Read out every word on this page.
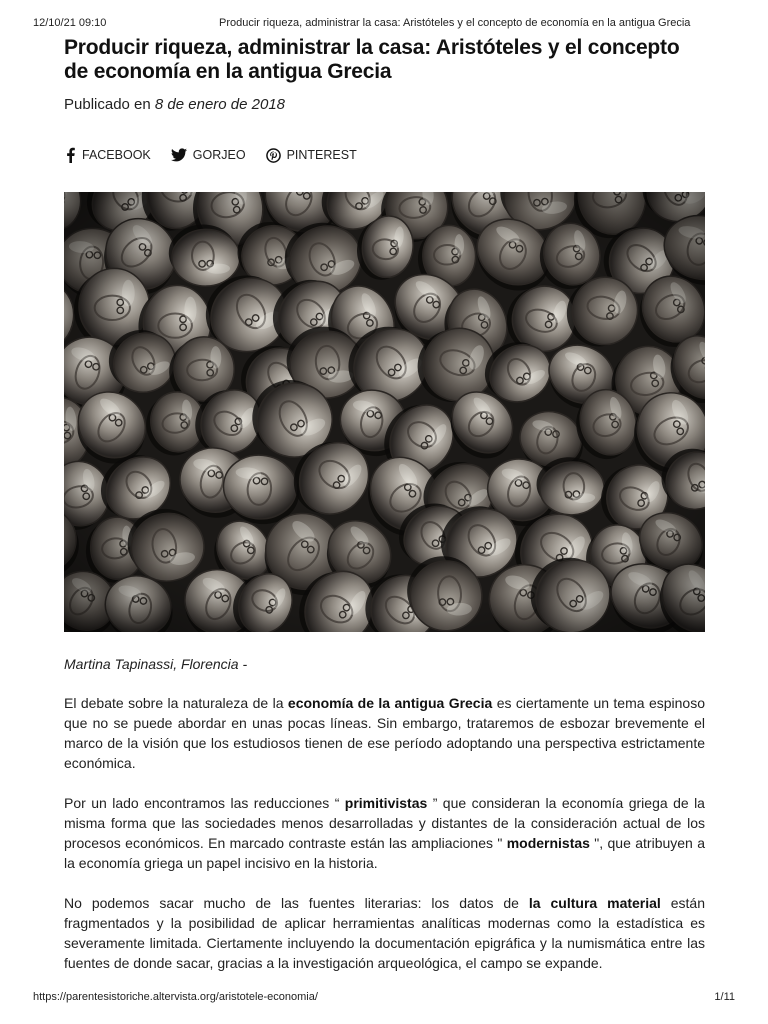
12/10/21 09:10	Producir riqueza, administrar la casa: Aristóteles y el concepto de economía en la antigua Grecia
Producir riqueza, administrar la casa: Aristóteles y el concepto de economía en la antigua Grecia
Publicado en 8 de enero de 2018
FACEBOOK	GORJEO	PINTEREST
Martina Tapinassi, Florencia -

El debate sobre la naturaleza de la economía de la antigua Grecia es ciertamente un tema espinoso que no se puede abordar en unas pocas líneas. Sin embargo, trataremos de esbozar brevemente el marco de la visión que los estudiosos tienen de ese período adoptando una perspectiva estrictamente económica.

Por un lado encontramos las reducciones “ primitivistas ” que consideran la economía griega de la misma forma que las sociedades menos desarrolladas y distantes de la consideración actual de los procesos económicos. En marcado contraste están las ampliaciones " modernistas ", que atribuyen a la economía griega un papel incisivo en la historia.

No podemos sacar mucho de las fuentes literarias: los datos de la cultura material están fragmentados y la posibilidad de aplicar herramientas analíticas modernas como la estadística es severamente limitada. Ciertamente incluyendo la documentación epigráfica y la numismática entre las fuentes de donde sacar, gracias a la investigación arqueológica, el campo se expande.

https://parentesistoriche.altervista.org/aristotele-economia/	1/11
